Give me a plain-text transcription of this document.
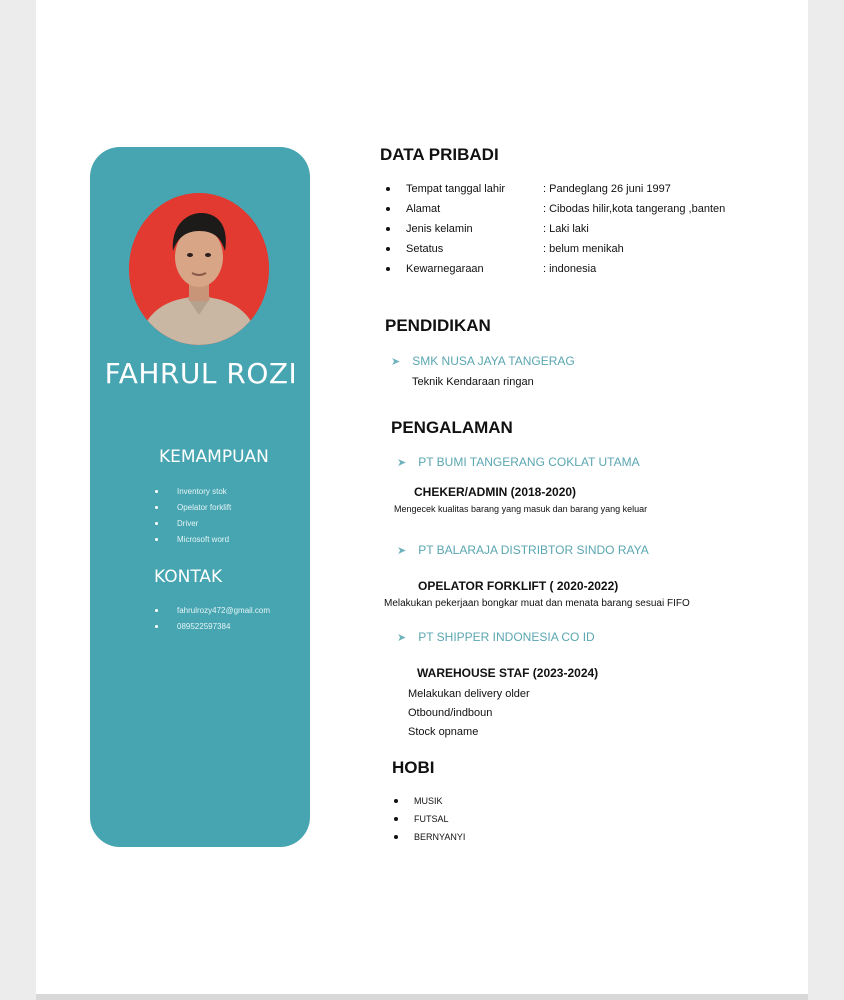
FAHRUL ROZI
KEMAMPUAN
Inventory stok
Opelator forklift
Driver
Microsoft word
KONTAK
fahrulrozy472@gmail.com
089522597384
DATA PRIBADI
Tempat tanggal lahir	: Pandeglang 26 juni 1997
Alamat	: Cibodas hilir,kota tangerang ,banten
Jenis kelamin	: Laki laki
Setatus	: belum menikah
Kewarnegaraan	: indonesia
PENDIDIKAN
➤ SMK NUSA JAYA TANGERAG
Teknik Kendaraan ringan
PENGALAMAN
➤ PT BUMI TANGERANG COKLAT UTAMA
CHEKER/ADMIN (2018-2020)
Mengecek kualitas barang yang masuk dan barang yang keluar
➤ PT BALARAJA DISTRIBTOR SINDO RAYA
OPELATOR FORKLIFT ( 2020-2022)
Melakukan pekerjaan bongkar muat dan menata barang sesuai FIFO
➤ PT SHIPPER INDONESIA CO ID
WAREHOUSE STAF (2023-2024)
Melakukan delivery older
Otbound/indboun
Stock opname
HOBI
MUSIK
FUTSAL
BERNYANYI
